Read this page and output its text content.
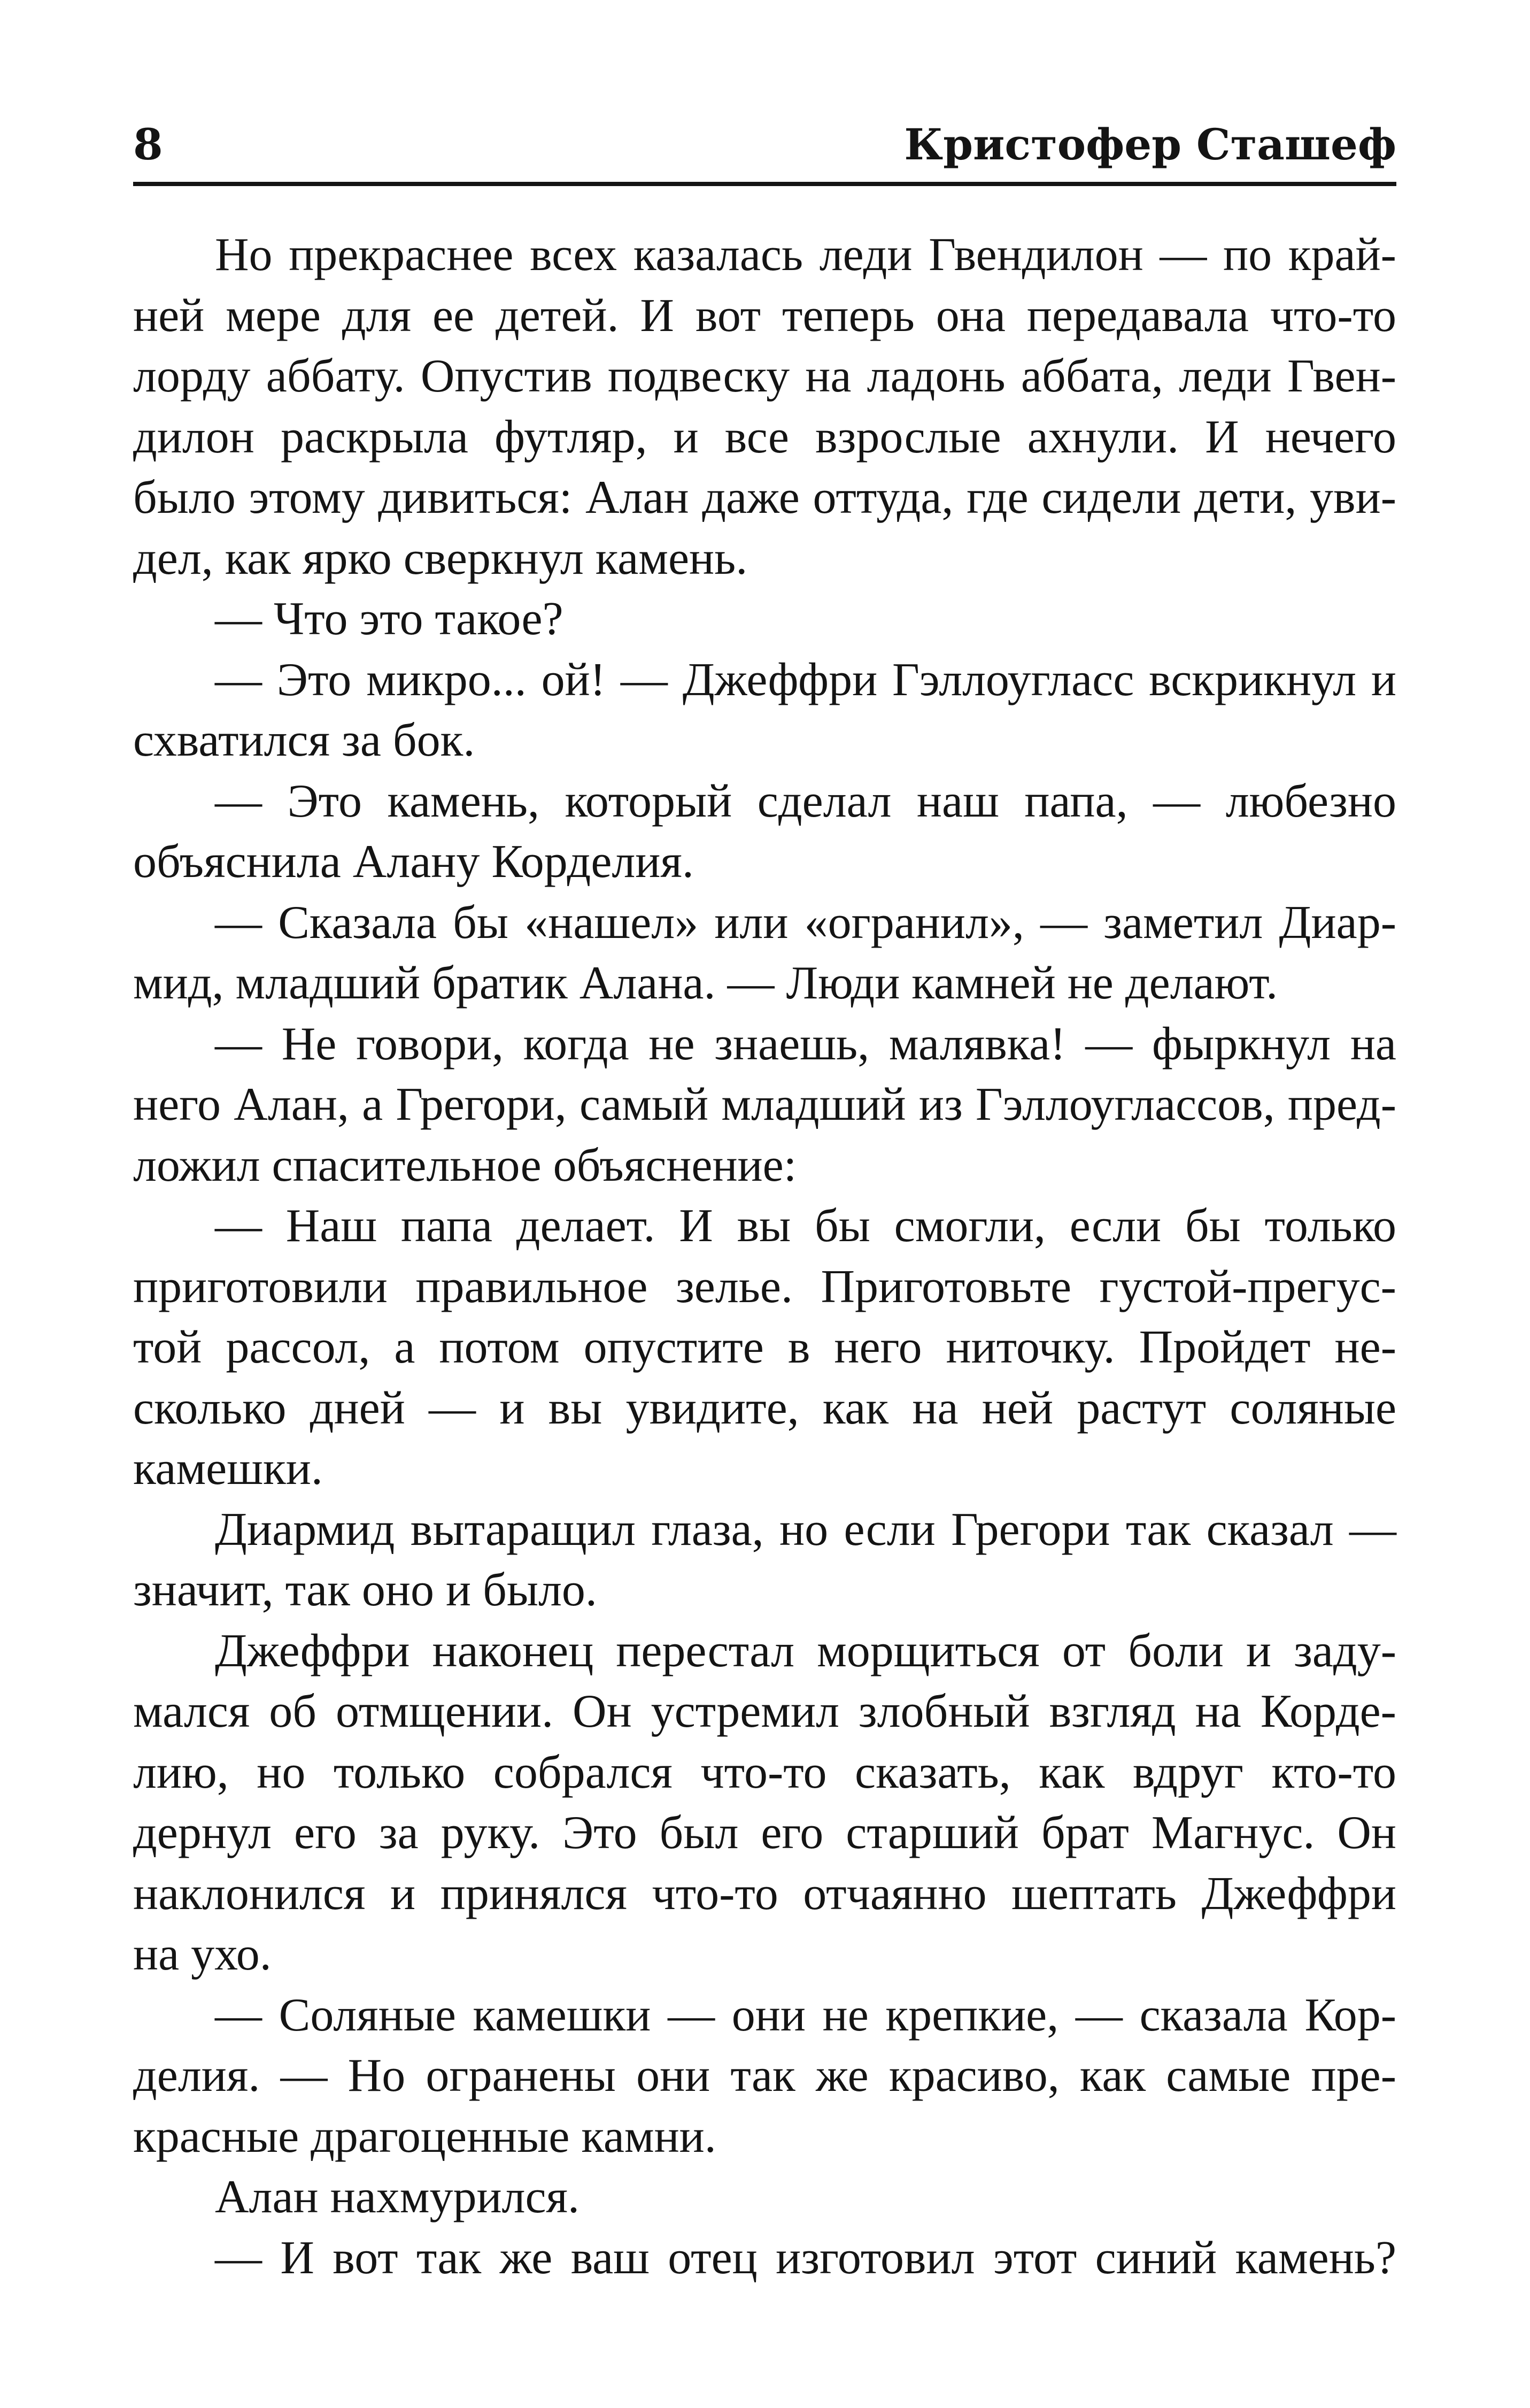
8	Кристофер Сташеф
Но прекраснее всех казалась леди Гвендилон — по край-
ней мере для ее детей. И вот теперь она передавала что-то
лорду аббату. Опустив подвеску на ладонь аббата, леди Гвен-
дилон раскрыла футляр, и все взрослые ахнули. И нечего
было этому дивиться: Алан даже оттуда, где сидели дети, уви-
дел, как ярко сверкнул камень.
— Что это такое?
— Это микро... ой! — Джеффри Гэллоугласс вскрикнул и
схватился за бок.
— Это камень, который сделал наш папа, — любезно
объяснила Алану Корделия.
— Сказала бы «нашел» или «огранил», — заметил Диар-
мид, младший братик Алана. — Люди камней не делают.
— Не говори, когда не знаешь, малявка! — фыркнул на
него Алан, а Грегори, самый младший из Гэллоуглассов, пред-
ложил спасительное объяснение:
— Наш папа делает. И вы бы смогли, если бы только
приготовили правильное зелье. Приготовьте густой-прегус-
той рассол, а потом опустите в него ниточку. Пройдет не-
сколько дней — и вы увидите, как на ней растут соляные
камешки.
Диармид вытаращил глаза, но если Грегори так сказал —
значит, так оно и было.
Джеффри наконец перестал морщиться от боли и заду-
мался об отмщении. Он устремил злобный взгляд на Корде-
лию, но только собрался что-то сказать, как вдруг кто-то
дернул его за руку. Это был его старший брат Магнус. Он
наклонился и принялся что-то отчаянно шептать Джеффри
на ухо.
— Соляные камешки — они не крепкие, — сказала Кор-
делия. — Но огранены они так же красиво, как самые пре-
красные драгоценные камни.
Алан нахмурился.
— И вот так же ваш отец изготовил этот синий камень?
